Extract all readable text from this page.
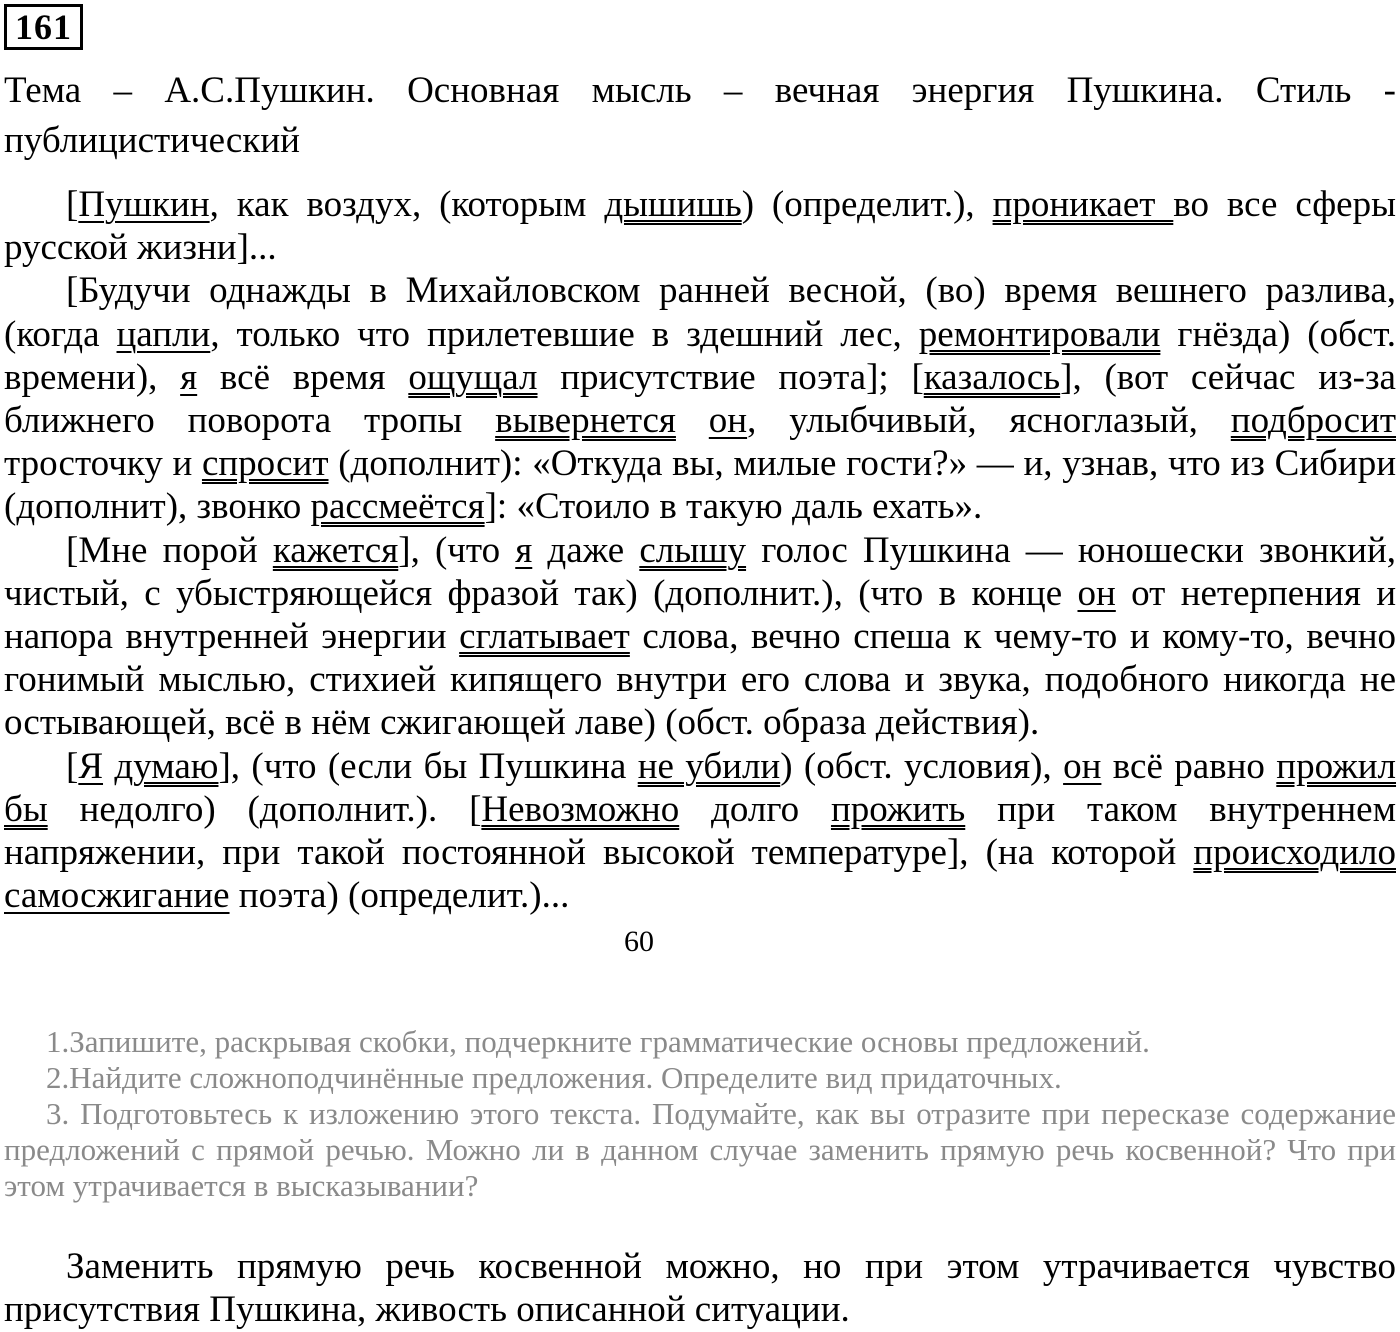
161
Тема – А.С.Пушкин. Основная мысль – вечная энергия Пушкина. Стиль - публицистический

[Пушкин, как воздух, (которым дышишь) (определит.), проникает во все сферы русской жизни]...

[Будучи однажды в Михайловском ранней весной, (во) время вешнего разлива, (когда цапли, только что прилетевшие в здешний лес, ремонтировали гнёзда) (обст. времени), я всё время ощущал присутствие поэта]; [казалось], (вот сейчас из-за ближнего поворота тропы вывернется он, улыбчивый, ясноглазый, подбросит тросточку и спросит (дополнит): «Откуда вы, милые гости?» — и, узнав, что из Сибири (дополнит), звонко рассмеётся]: «Стоило в такую даль ехать».

[Мне порой кажется], (что я даже слышу голос Пушкина — юношески звонкий, чистый, с убыстряющейся фразой так) (дополнит.), (что в конце он от нетерпения и напора внутренней энергии сглатывает слова, вечно спеша к чему-то и кому-то, вечно гонимый мыслью, стихией кипящего внутри его слова и звука, подобного никогда не остывающей, всё в нём сжигающей лаве) (обст. образа действия).

[Я думаю], (что (если бы Пушкина не убили) (обст. условия), он всё равно прожил бы недолго) (дополнит.). [Невозможно долго прожить при таком внутреннем напряжении, при такой постоянной высокой температуре], (на которой происходило самосжигание поэта) (определит.)...

60

1.Запишите, раскрывая скобки, подчеркните грамматические основы предложений.

2.Найдите сложноподчинённые предложения. Определите вид придаточных.

3. Подготовьтесь к изложению этого текста. Подумайте, как вы отразите при пересказе содержание предложений с прямой речью. Можно ли в данном случае заменить прямую речь косвенной? Что при этом утрачивается в высказывании?

Заменить прямую речь косвенной можно, но при этом утрачивается чувство присутствия Пушкина, живость описанной ситуации.
